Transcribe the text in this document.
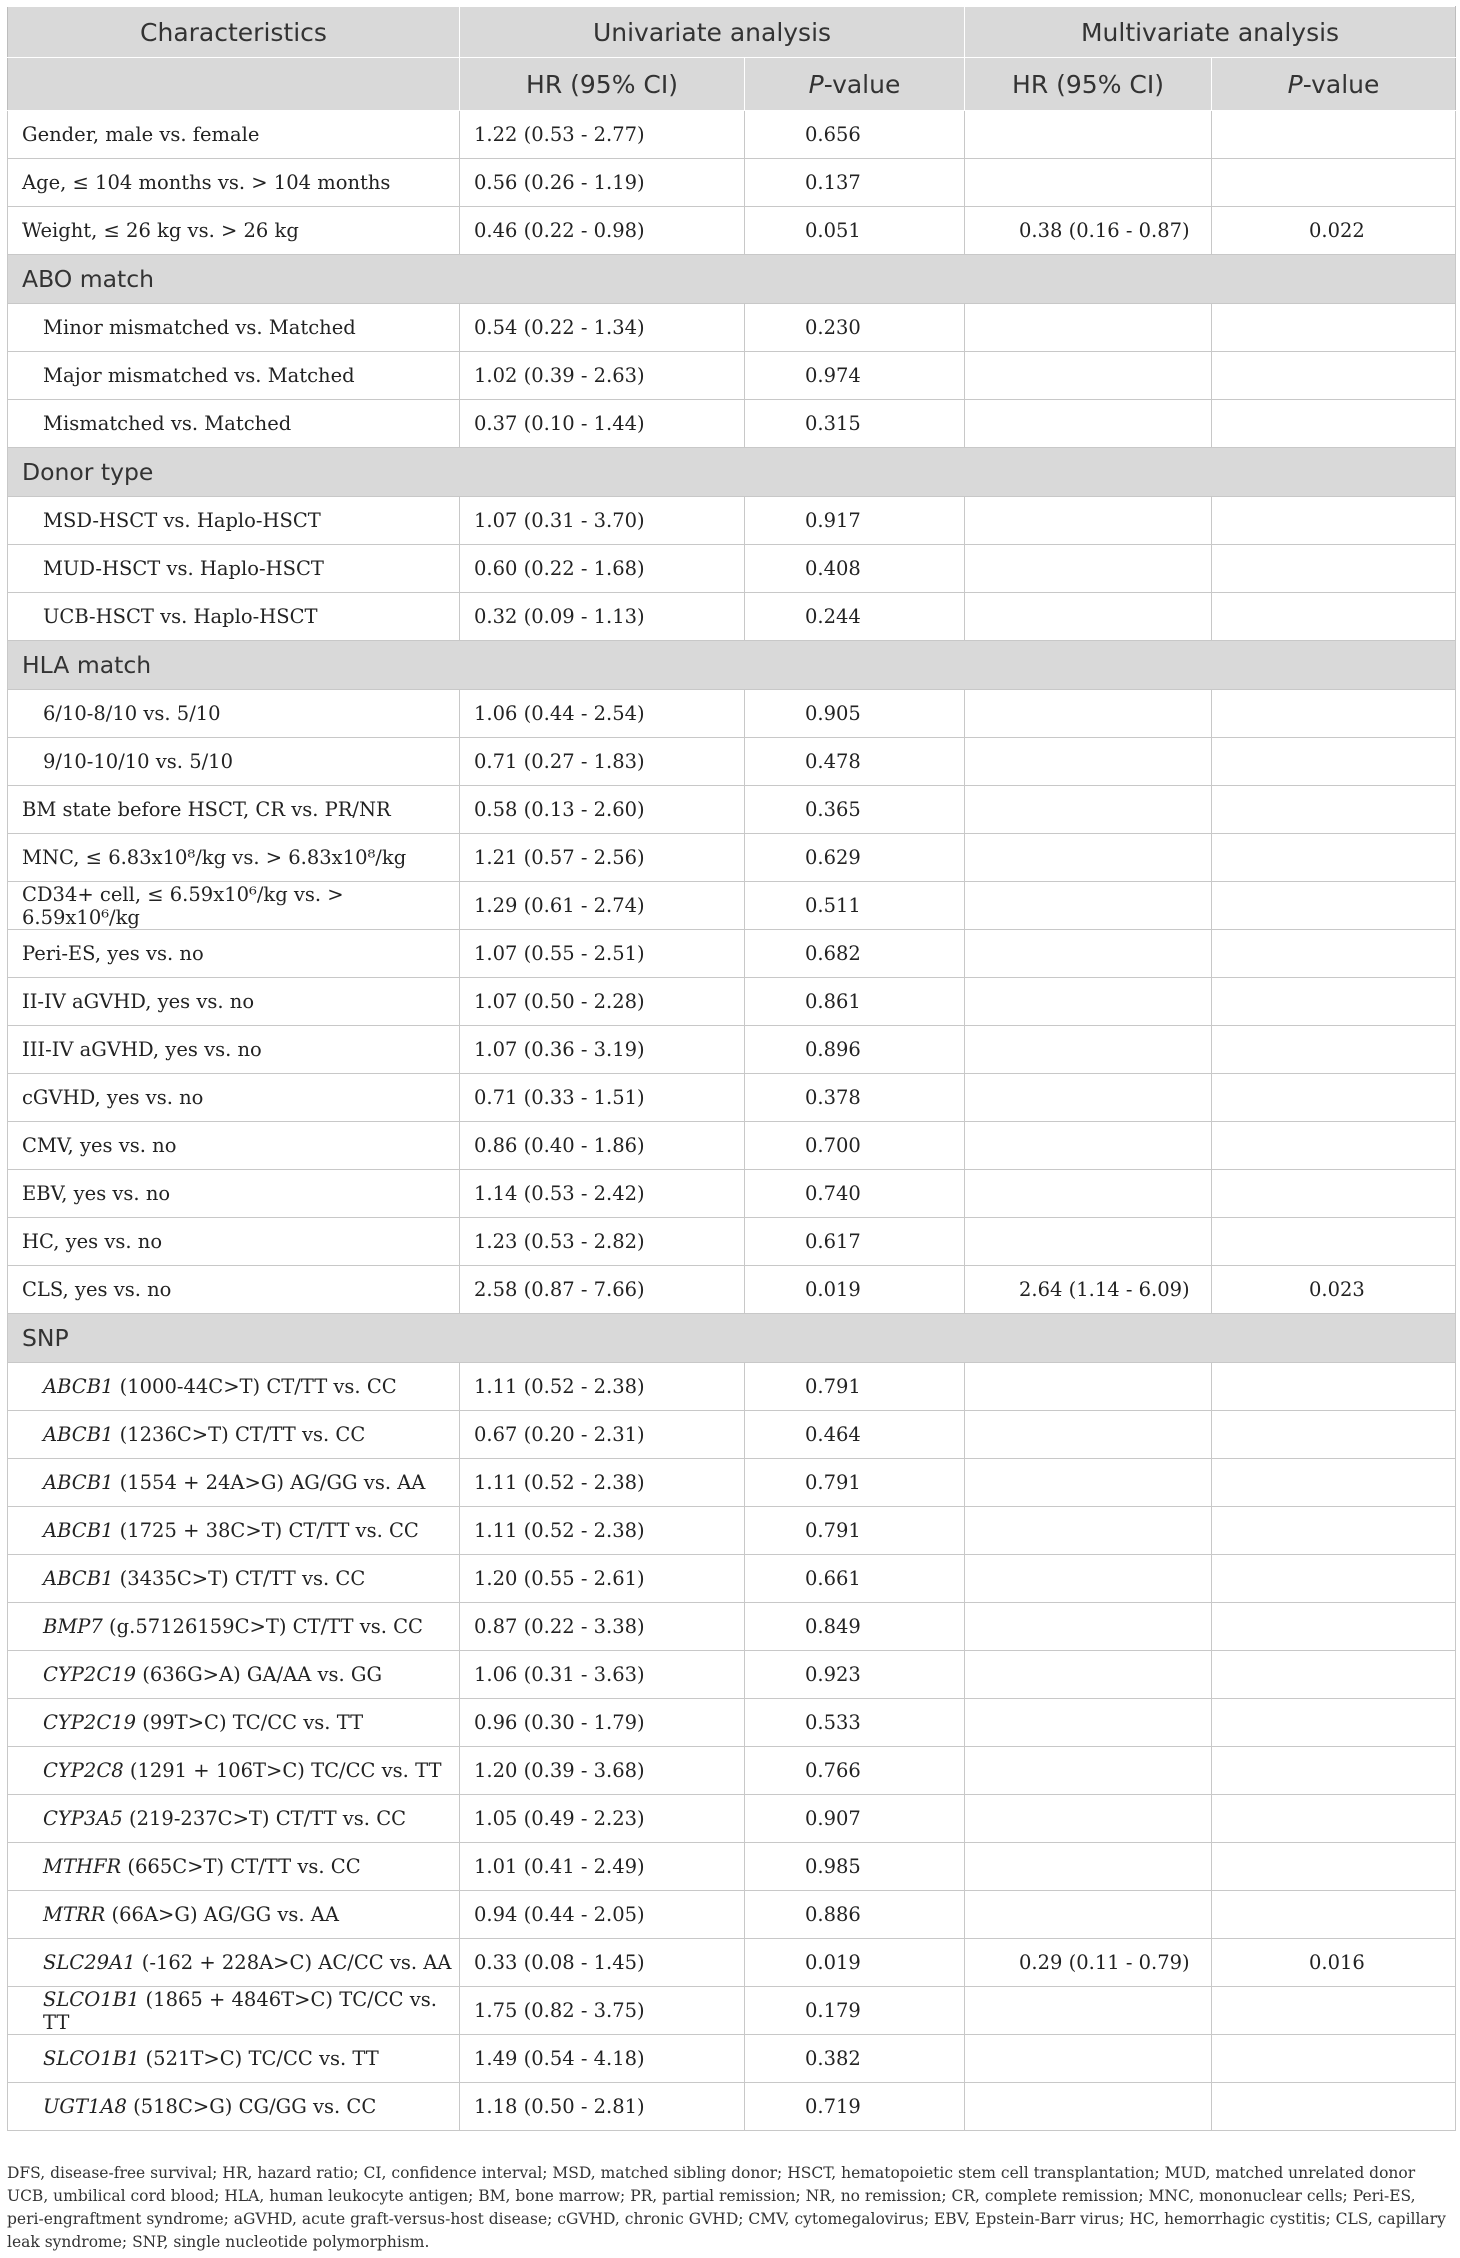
Characteristics	Univariate analysis		Multivariate analysis	
	HR (95% CI)	P-value	HR (95% CI)	P-value
Gender, male vs. female	1.22 (0.53 - 2.77)	0.656		
Age, ≤ 104 months vs. > 104 months	0.56 (0.26 - 1.19)	0.137		
Weight, ≤ 26 kg vs. > 26 kg	0.46 (0.22 - 0.98)	0.051	0.38 (0.16 - 0.87)	0.022
ABO match				
Minor mismatched vs. Matched	0.54 (0.22 - 1.34)	0.230		
Major mismatched vs. Matched	1.02 (0.39 - 2.63)	0.974		
Mismatched vs. Matched	0.37 (0.10 - 1.44)	0.315		
Donor type				
MSD-HSCT vs. Haplo-HSCT	1.07 (0.31 - 3.70)	0.917		
MUD-HSCT vs. Haplo-HSCT	0.60 (0.22 - 1.68)	0.408		
UCB-HSCT vs. Haplo-HSCT	0.32 (0.09 - 1.13)	0.244		
HLA match				
6/10-8/10 vs. 5/10	1.06 (0.44 - 2.54)	0.905		
9/10-10/10 vs. 5/10	0.71 (0.27 - 1.83)	0.478		
BM state before HSCT, CR vs. PR/NR	0.58 (0.13 - 2.60)	0.365		
MNC, ≤ 6.83x10⁸/kg vs. > 6.83x10⁸/kg	1.21 (0.57 - 2.56)	0.629		
CD34+ cell, ≤ 6.59x10⁶/kg vs. > 6.59x10⁶/kg	1.29 (0.61 - 2.74)	0.511		
Peri-ES, yes vs. no	1.07 (0.55 - 2.51)	0.682		
II-IV aGVHD, yes vs. no	1.07 (0.50 - 2.28)	0.861		
III-IV aGVHD, yes vs. no	1.07 (0.36 - 3.19)	0.896		
cGVHD, yes vs. no	0.71 (0.33 - 1.51)	0.378		
CMV, yes vs. no	0.86 (0.40 - 1.86)	0.700		
EBV, yes vs. no	1.14 (0.53 - 2.42)	0.740		
HC, yes vs. no	1.23 (0.53 - 2.82)	0.617		
CLS, yes vs. no	2.58 (0.87 - 7.66)	0.019	2.64 (1.14 - 6.09)	0.023
SNP				
ABCB1 (1000-44C>T) CT/TT vs. CC	1.11 (0.52 - 2.38)	0.791		
ABCB1 (1236C>T) CT/TT vs. CC	0.67 (0.20 - 2.31)	0.464		
ABCB1 (1554 + 24A>G) AG/GG vs. AA	1.11 (0.52 - 2.38)	0.791		
ABCB1 (1725 + 38C>T) CT/TT vs. CC	1.11 (0.52 - 2.38)	0.791		
ABCB1 (3435C>T) CT/TT vs. CC	1.20 (0.55 - 2.61)	0.661		
BMP7 (g.57126159C>T) CT/TT vs. CC	0.87 (0.22 - 3.38)	0.849		
CYP2C19 (636G>A) GA/AA vs. GG	1.06 (0.31 - 3.63)	0.923		
CYP2C19 (99T>C) TC/CC vs. TT	0.96 (0.30 - 1.79)	0.533		
CYP2C8 (1291 + 106T>C) TC/CC vs. TT	1.20 (0.39 - 3.68)	0.766		
CYP3A5 (219-237C>T) CT/TT vs. CC	1.05 (0.49 - 2.23)	0.907		
MTHFR (665C>T) CT/TT vs. CC	1.01 (0.41 - 2.49)	0.985		
MTRR (66A>G) AG/GG vs. AA	0.94 (0.44 - 2.05)	0.886		
SLC29A1 (-162 + 228A>C) AC/CC vs. AA	0.33 (0.08 - 1.45)	0.019	0.29 (0.11 - 0.79)	0.016
SLCO1B1 (1865 + 4846T>C) TC/CC vs. TT	1.75 (0.82 - 3.75)	0.179		
SLCO1B1 (521T>C) TC/CC vs. TT	1.49 (0.54 - 4.18)	0.382		
UGT1A8 (518C>G) CG/GG vs. CC	1.18 (0.50 - 2.81)	0.719		

DFS, disease-free survival; HR, hazard ratio; CI, confidence interval; MSD, matched sibling donor; HSCT, hematopoietic stem cell transplantation; MUD, matched unrelated donor UCB, umbilical cord blood; HLA, human leukocyte antigen; BM, bone marrow; PR, partial remission; NR, no remission; CR, complete remission; MNC, mononuclear cells; Peri-ES, peri-engraftment syndrome; aGVHD, acute graft-versus-host disease; cGVHD, chronic GVHD; CMV, cytomegalovirus; EBV, Epstein-Barr virus; HC, hemorrhagic cystitis; CLS, capillary leak syndrome; SNP, single nucleotide polymorphism.
